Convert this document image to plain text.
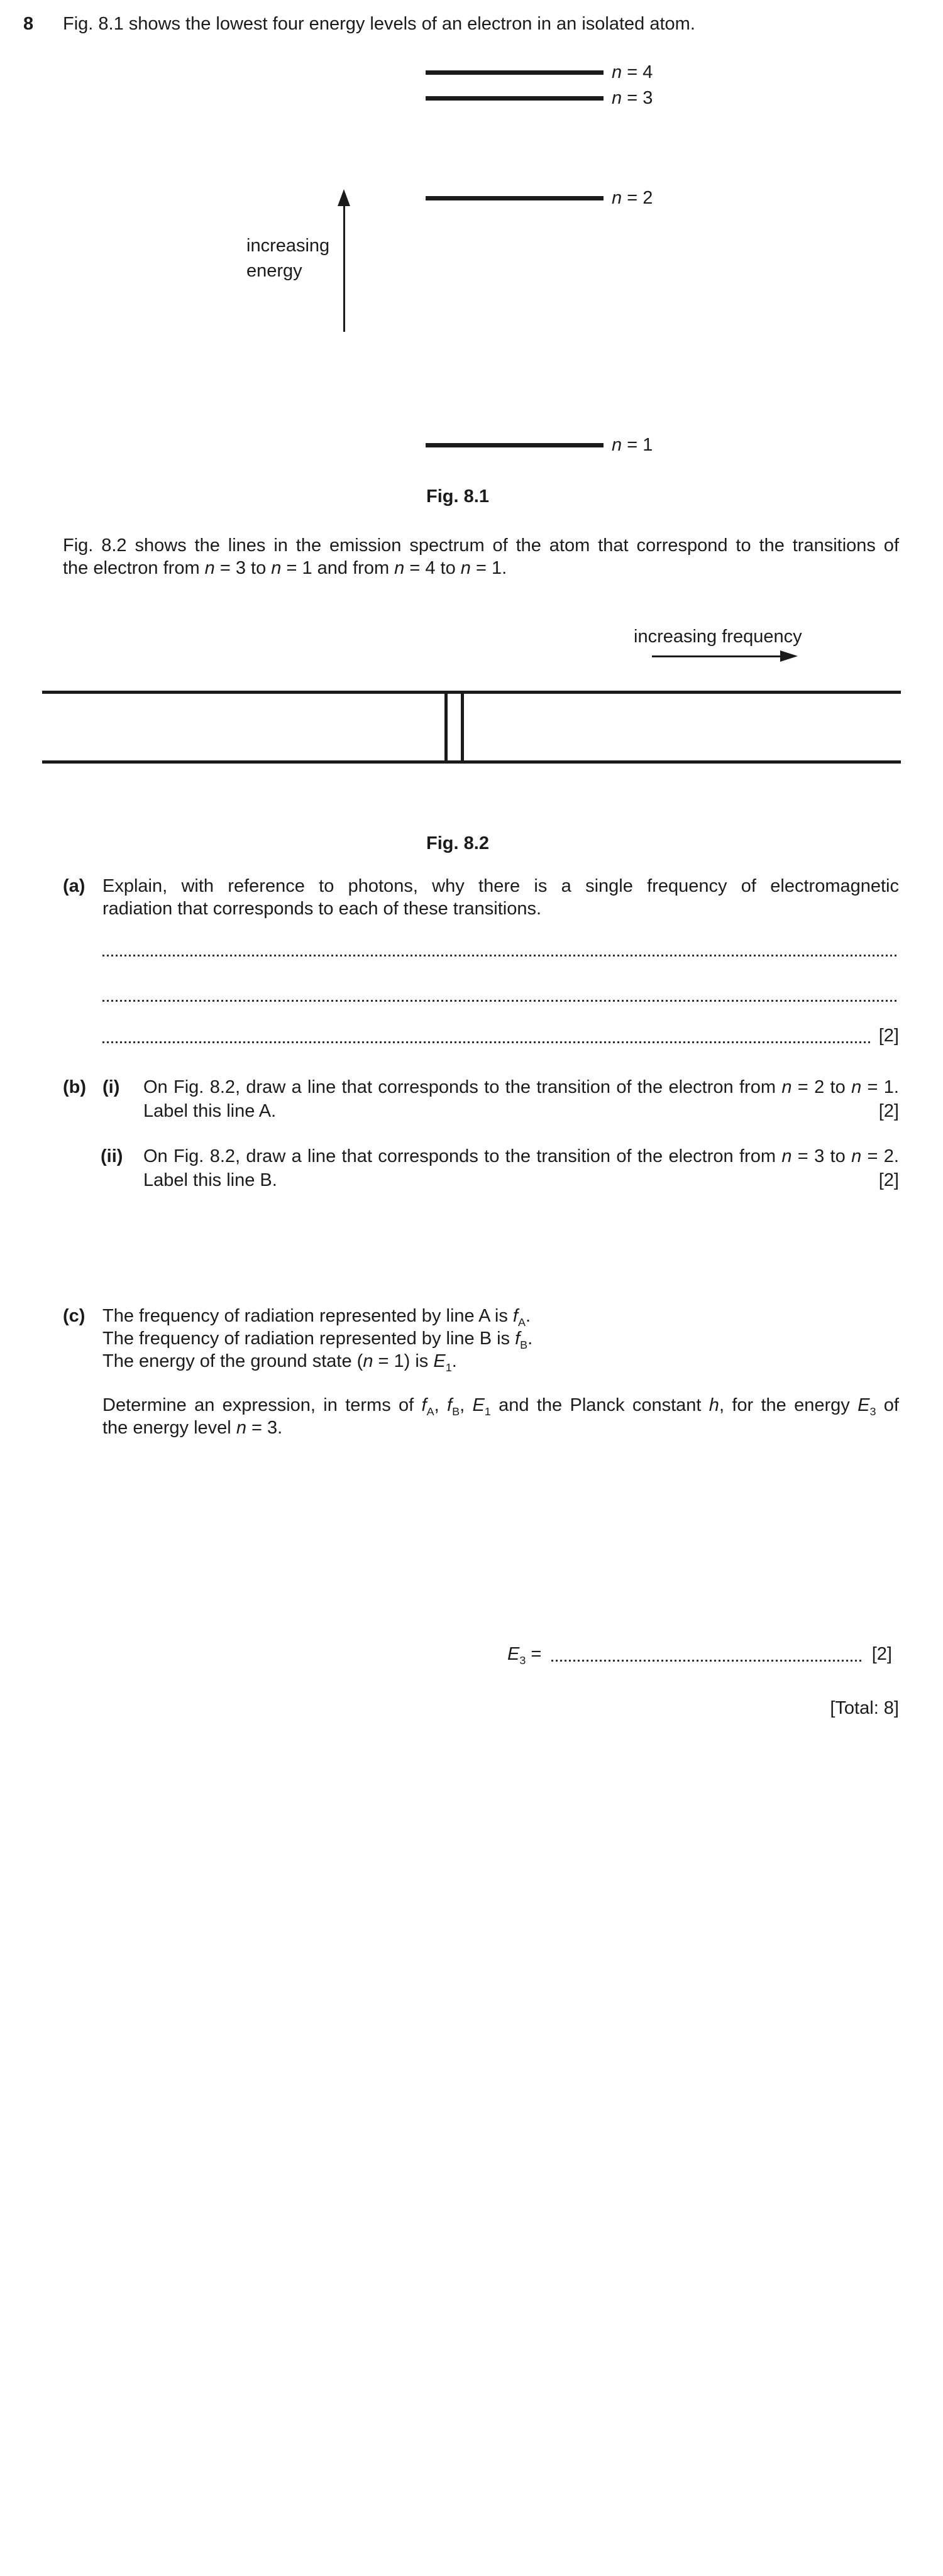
8 Fig. 8.1 shows the lowest four energy levels of an electron in an isolated atom.
n = 4
n = 3
n = 2
n = 1
increasing
energy
Fig. 8.1
Fig. 8.2 shows the lines in the emission spectrum of the atom that correspond to the transitions of
the electron from n = 3 to n = 1 and from n = 4 to n = 1.
increasing frequency
Fig. 8.2
(a) Explain, with reference to photons, why there is a single frequency of electromagnetic
radiation that corresponds to each of these transitions.
[2]
(b) (i) On Fig. 8.2, draw a line that corresponds to the transition of the electron from n = 2 to n = 1.
Label this line A.	[2]
(ii) On Fig. 8.2, draw a line that corresponds to the transition of the electron from n = 3 to n = 2.
Label this line B.	[2]
(c) The frequency of radiation represented by line A is $f_A$.
The frequency of radiation represented by line B is $f_B$.
The energy of the ground state (n = 1) is $E_1$.
Determine an expression, in terms of $f_A$, $f_B$, $E_1$ and the Planck constant h, for the energy $E_3$ of
the energy level n = 3.
$E_3$ =	[2]
[Total: 8]
